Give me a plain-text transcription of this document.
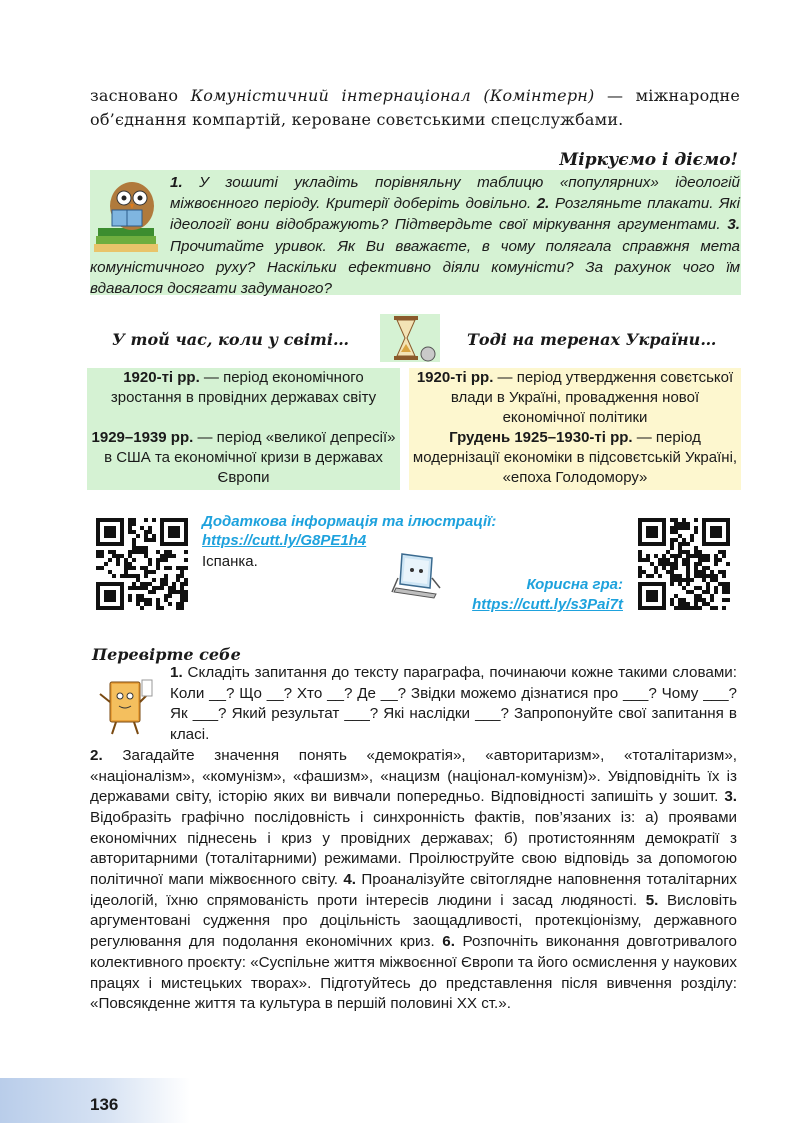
засновано Комуністичний інтернаціонал (Комінтерн) — міжнародне об’єднання компартій, кероване совєтськими спецслужбами.

Міркуємо і діємо!
1. У зошиті укладіть порівняльну таблицю «популярних» ідеологій міжвоєнного періоду. Критерії доберіть довільно. 2. Розгляньте плакати. Які ідеології вони відображують? Підтвердьте свої міркування аргументами. 3. Прочитайте уривок. Як Ви вважаєте, в чому полягала справжня мета комуністичного руху? Наскільки ефективно діяли комуністи? За рахунок чого їм вдавалося досягати задуманого?
У той час, коли у світі…	Тоді на теренах України…
1920-ті рр. — період економічного зростання в провідних державах світу
1929–1939 рр. — період «великої депресії» в США та економічної кризи в державах Європи
1920-ті рр. — період утвердження совєтської влади в Україні, провадження нової економічної політики
Грудень 1925–1930-ті рр. — період модернізації економіки в підсовєтській Україні, «епоха Голодомору»
Додаткова інформація та ілюстрації:
https://cutt.ly/G8PE1h4
Іспанка.
Корисна гра:
https://cutt.ly/s3Pai7t
Перевірте себе
1. Складіть запитання до тексту параграфа, починаючи кожне такими словами: Коли __? Що __? Хто __? Де __? Звідки можемо дізнатися про ___? Чому ___? Як ___? Який результат ___? Які наслідки ___? Запропонуйте свої запитання в класі.
2. Загадайте значення понять «демократія», «авторитаризм», «тоталітаризм», «націоналізм», «комунізм», «фашизм», «нацизм (націонал-комунізм)». Увідповідніть їх із державами світу, історію яких ви вивчали попередньо. Відповідності запишіть у зошит. 3. Відобразіть графічно послідовність і синхронність фактів, пов’язаних із: а) проявами економічних піднесень і криз у провідних державах; б) протистоянням демократії з авторитарними (тоталітарними) режимами. Проілюструйте свою відповідь за допомогою політичної мапи міжвоєнного світу. 4. Проаналізуйте світоглядне наповнення тоталітарних ідеологій, їхню спрямованість проти інтересів людини і засад людяності. 5. Висловіть аргументовані судження про доцільність заощадливості, протекціонізму, державного регулювання для подолання економічних криз. 6. Розпочніть виконання довготривалого колективного проєкту: «Суспільне життя міжвоєнної Європи та його осмислення у наукових працях і мистецьких творах». Підготуйтесь до представлення після вивчення розділу: «Повсякденне життя та культура в першій половині ХХ ст.».
136
